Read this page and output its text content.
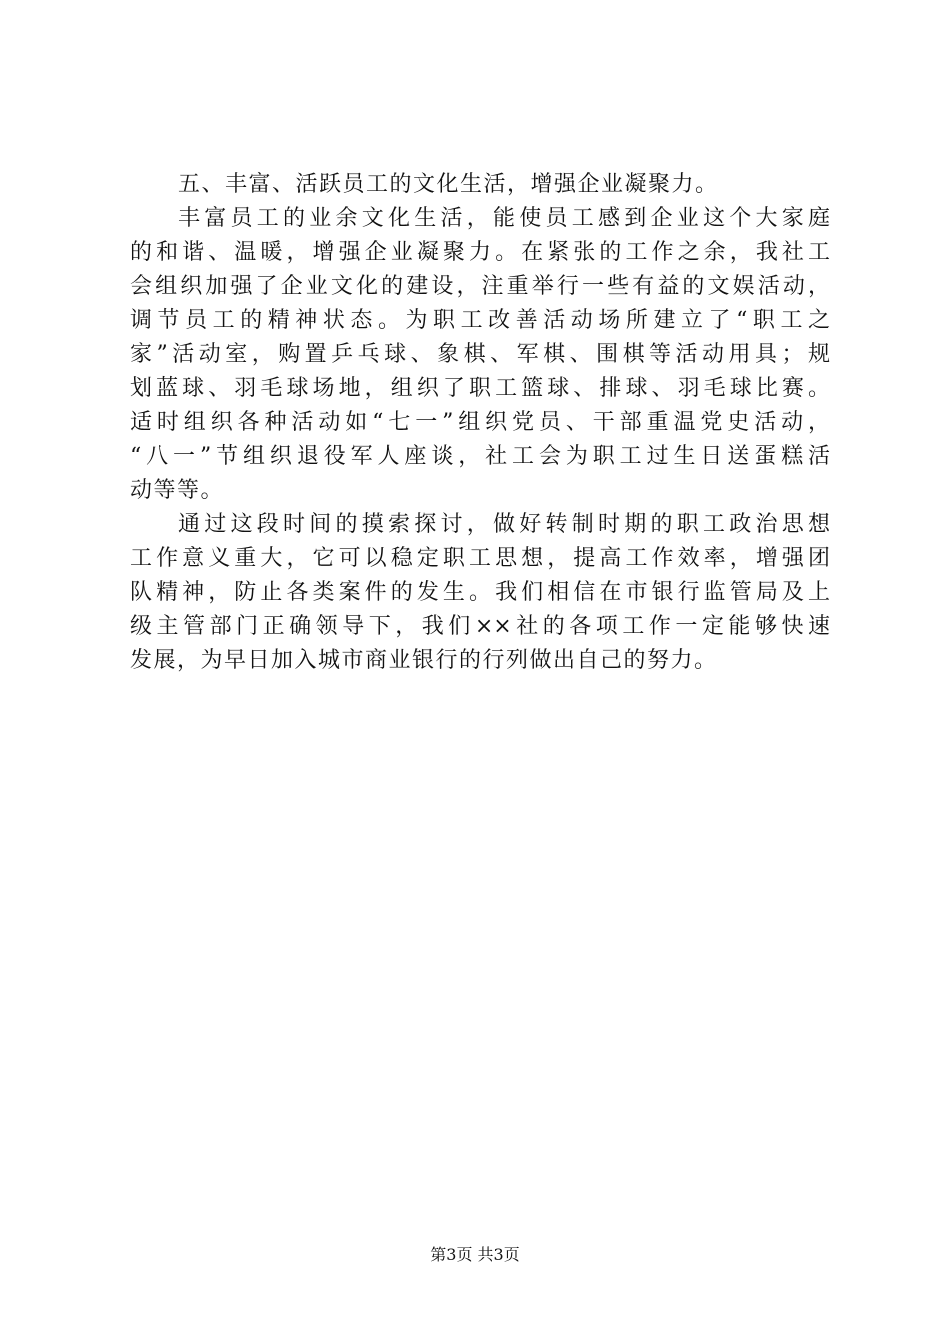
五、丰富、活跃员工的文化生活，增强企业凝聚力。
丰富员工的业余文化生活，能使员工感到企业这个大家庭
的和谐、温暖，增强企业凝聚力。在紧张的工作之余，我社工
会组织加强了企业文化的建设，注重举行一些有益的文娱活动，
调节员工的精神状态。为职工改善活动场所建立了“职工之
家”活动室，购置乒乓球、象棋、军棋、围棋等活动用具；规
划蓝球、羽毛球场地，组织了职工篮球、排球、羽毛球比赛。
适时组织各种活动如“七一”组织党员、干部重温党史活动，
“八一”节组织退役军人座谈，社工会为职工过生日送蛋糕活
动等等。
通过这段时间的摸索探讨，做好转制时期的职工政治思想
工作意义重大，它可以稳定职工思想，提高工作效率，增强团
队精神，防止各类案件的发生。我们相信在市银行监管局及上
级主管部门正确领导下，我们××社的各项工作一定能够快速
发展，为早日加入城市商业银行的行列做出自己的努力。
第3页 共3页
